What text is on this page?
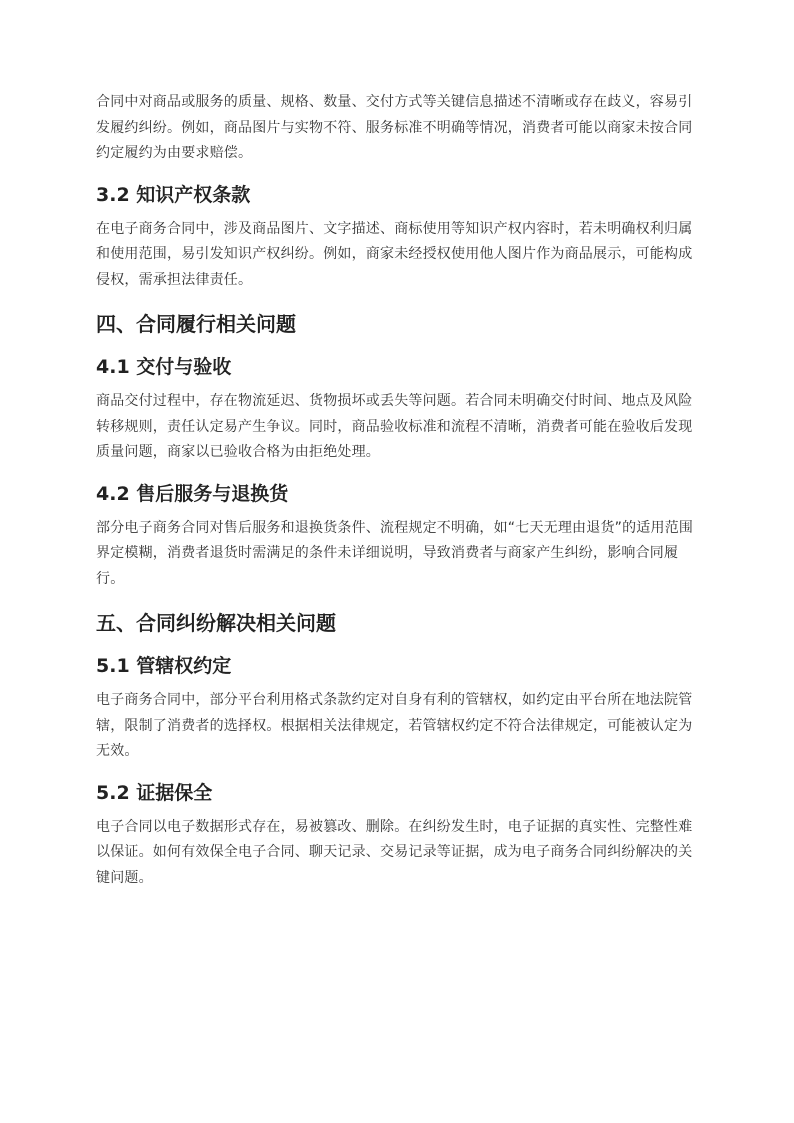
合同中对商品或服务的质量、规格、数量、交付方式等关键信息描述不清晰或存在歧义，容易引发履约纠纷。例如，商品图片与实物不符、服务标准不明确等情况，消费者可能以商家未按合同约定履约为由要求赔偿。

3.2 知识产权条款

在电子商务合同中，涉及商品图片、文字描述、商标使用等知识产权内容时，若未明确权利归属和使用范围，易引发知识产权纠纷。例如，商家未经授权使用他人图片作为商品展示，可能构成侵权，需承担法律责任。

四、合同履行相关问题
4.1 交付与验收

商品交付过程中，存在物流延迟、货物损坏或丢失等问题。若合同未明确交付时间、地点及风险转移规则，责任认定易产生争议。同时，商品验收标准和流程不清晰，消费者可能在验收后发现质量问题，商家以已验收合格为由拒绝处理。

4.2 售后服务与退换货

部分电子商务合同对售后服务和退换货条件、流程规定不明确，如“七天无理由退货”的适用范围界定模糊，消费者退货时需满足的条件未详细说明，导致消费者与商家产生纠纷，影响合同履行。

五、合同纠纷解决相关问题
5.1 管辖权约定

电子商务合同中，部分平台利用格式条款约定对自身有利的管辖权，如约定由平台所在地法院管辖，限制了消费者的选择权。根据相关法律规定，若管辖权约定不符合法律规定，可能被认定为无效。

5.2 证据保全

电子合同以电子数据形式存在，易被篡改、删除。在纠纷发生时，电子证据的真实性、完整性难以保证。如何有效保全电子合同、聊天记录、交易记录等证据，成为电子商务合同纠纷解决的关键问题。
